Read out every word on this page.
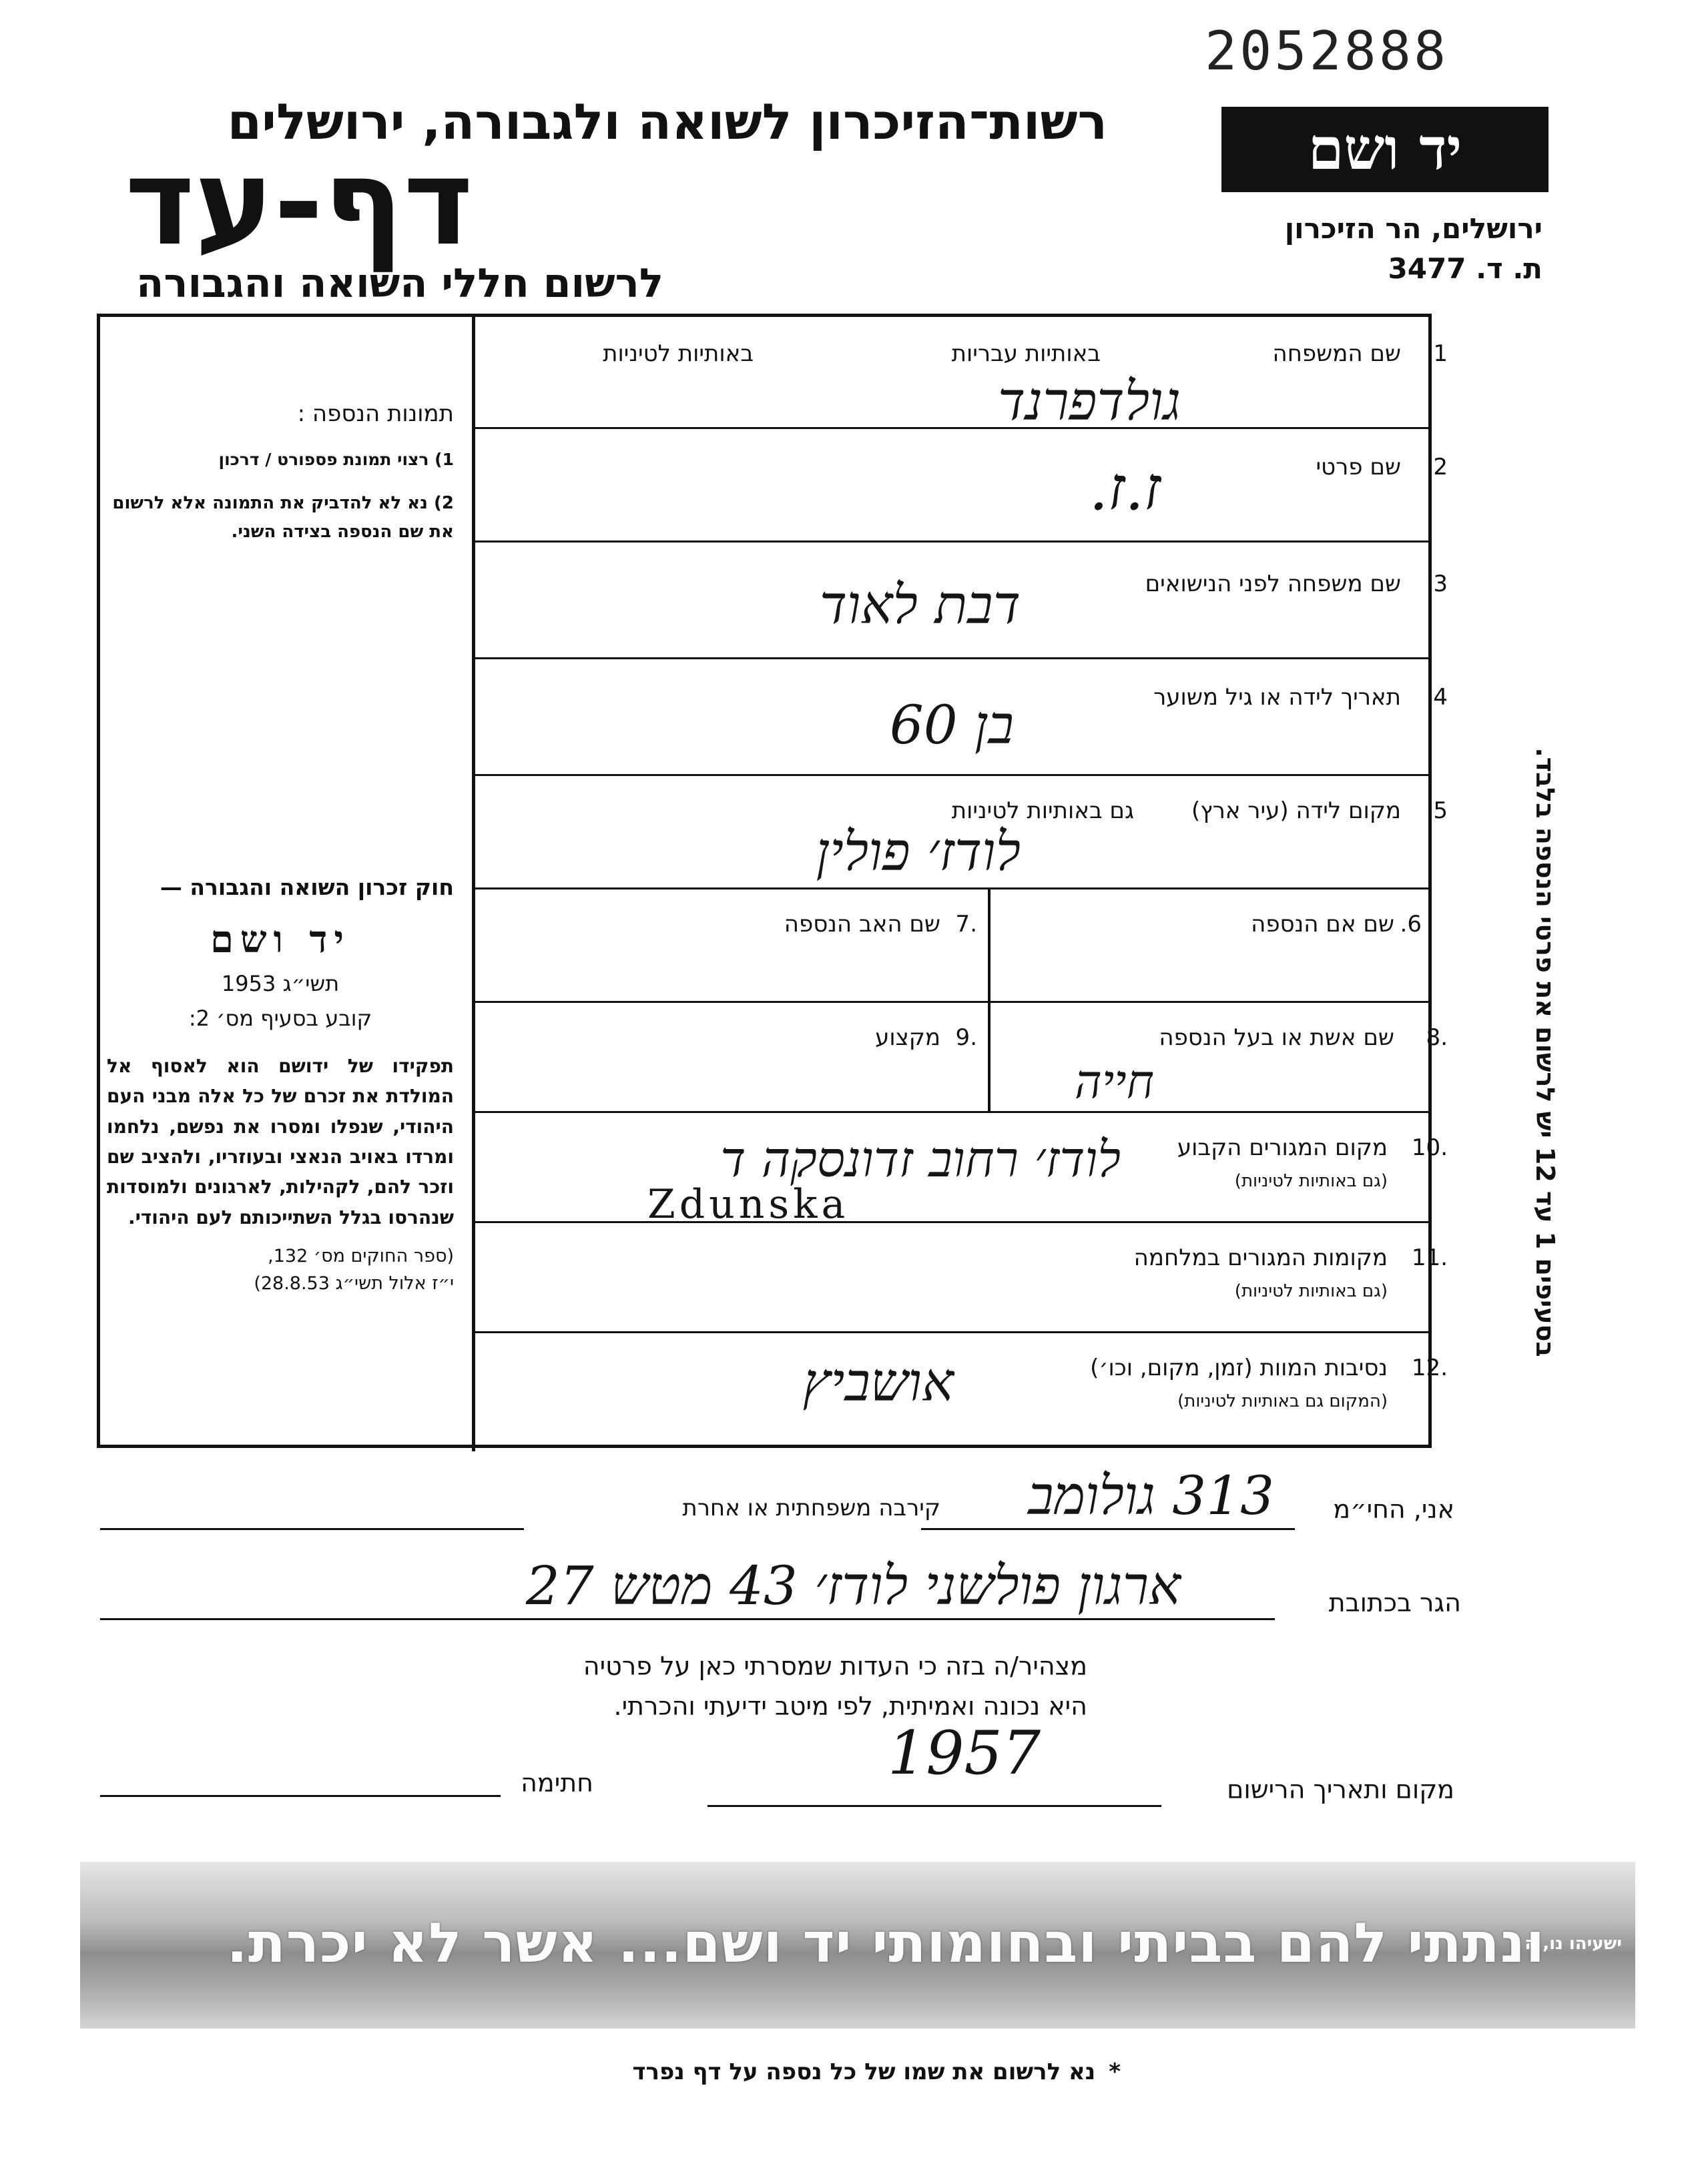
2052888
רשות־הזיכרון לשואה ולגבורה, ירושלים
דף-עד
לרשום חללי השואה והגבורה
יד ושם
ירושלים, הר הזיכרון
ת. ד. 3477
בסעיפים 1 עד 12 יש לרשום את פרטי הנספה בלבד.
1.
שם המשפחה
באותיות עבריות
באותיות לטיניות
גולדפרנד
2.
שם פרטי
ז.ז.
3.
שם משפחה לפני הנישואים
דבת לאוד
4.
תאריך לידה או גיל משוער
בן 60
5.
מקום לידה (עיר ארץ)
גם באותיות לטיניות
לודז׳ פולין
.6
שם אם הנספה
.7
שם האב הנספה
.8
שם אשת או בעל הנספה
.9
מקצוע
חייה
.10
מקום המגורים הקבוע
(גם באותיות לטיניות)
לודז׳ רחוב זדונסקה ד
Zdunska
.11
מקומות המגורים במלחמה
(גם באותיות לטיניות)
.12
נסיבות המוות (זמן, מקום, וכו׳)
(המקום גם באותיות לטיניות)
אושביץ
תמונות הנספה :
1) רצוי תמונת פספורט / דרכון
2) נא לא להדביק את התמונה אלא לרשום את שם הנספה בצידה השני.
חוק זכרון השואה והגבורה —
יד ושם
תשי״ג 1953
קובע בסעיף מס׳ 2:
תפקידו של ידושם הוא לאסוף אל המולדת את זכרם של כל אלה מבני העם היהודי, שנפלו ומסרו את נפשם, נלחמו ומרדו באויב הנאצי ובעוזריו, ולהציב שם וזכר להם, לקהילות, לארגונים ולמוסדות שנהרסו בגלל השתייכותם לעם היהודי.
(ספר החוקים מס׳ 132,
י״ז אלול תשי״ג 28.8.53)
אני, החי״מ
313 גולומב
קירבה משפחתית או אחרת
הגר בכתובת
ארגון פולשני לודז׳ 43 מטש 27
מצהיר/ה בזה כי העדות שמסרתי כאן על פרטיה
היא נכונה ואמיתית, לפי מיטב ידיעתי והכרתי.
מקום ותאריך הרישום
1957
חתימה
ונתתי להם בביתי ובחומותי יד ושם... אשר לא יכרת.
ישעיהו נו, ה
*נא לרשום את שמו של כל נספה על דף נפרד
